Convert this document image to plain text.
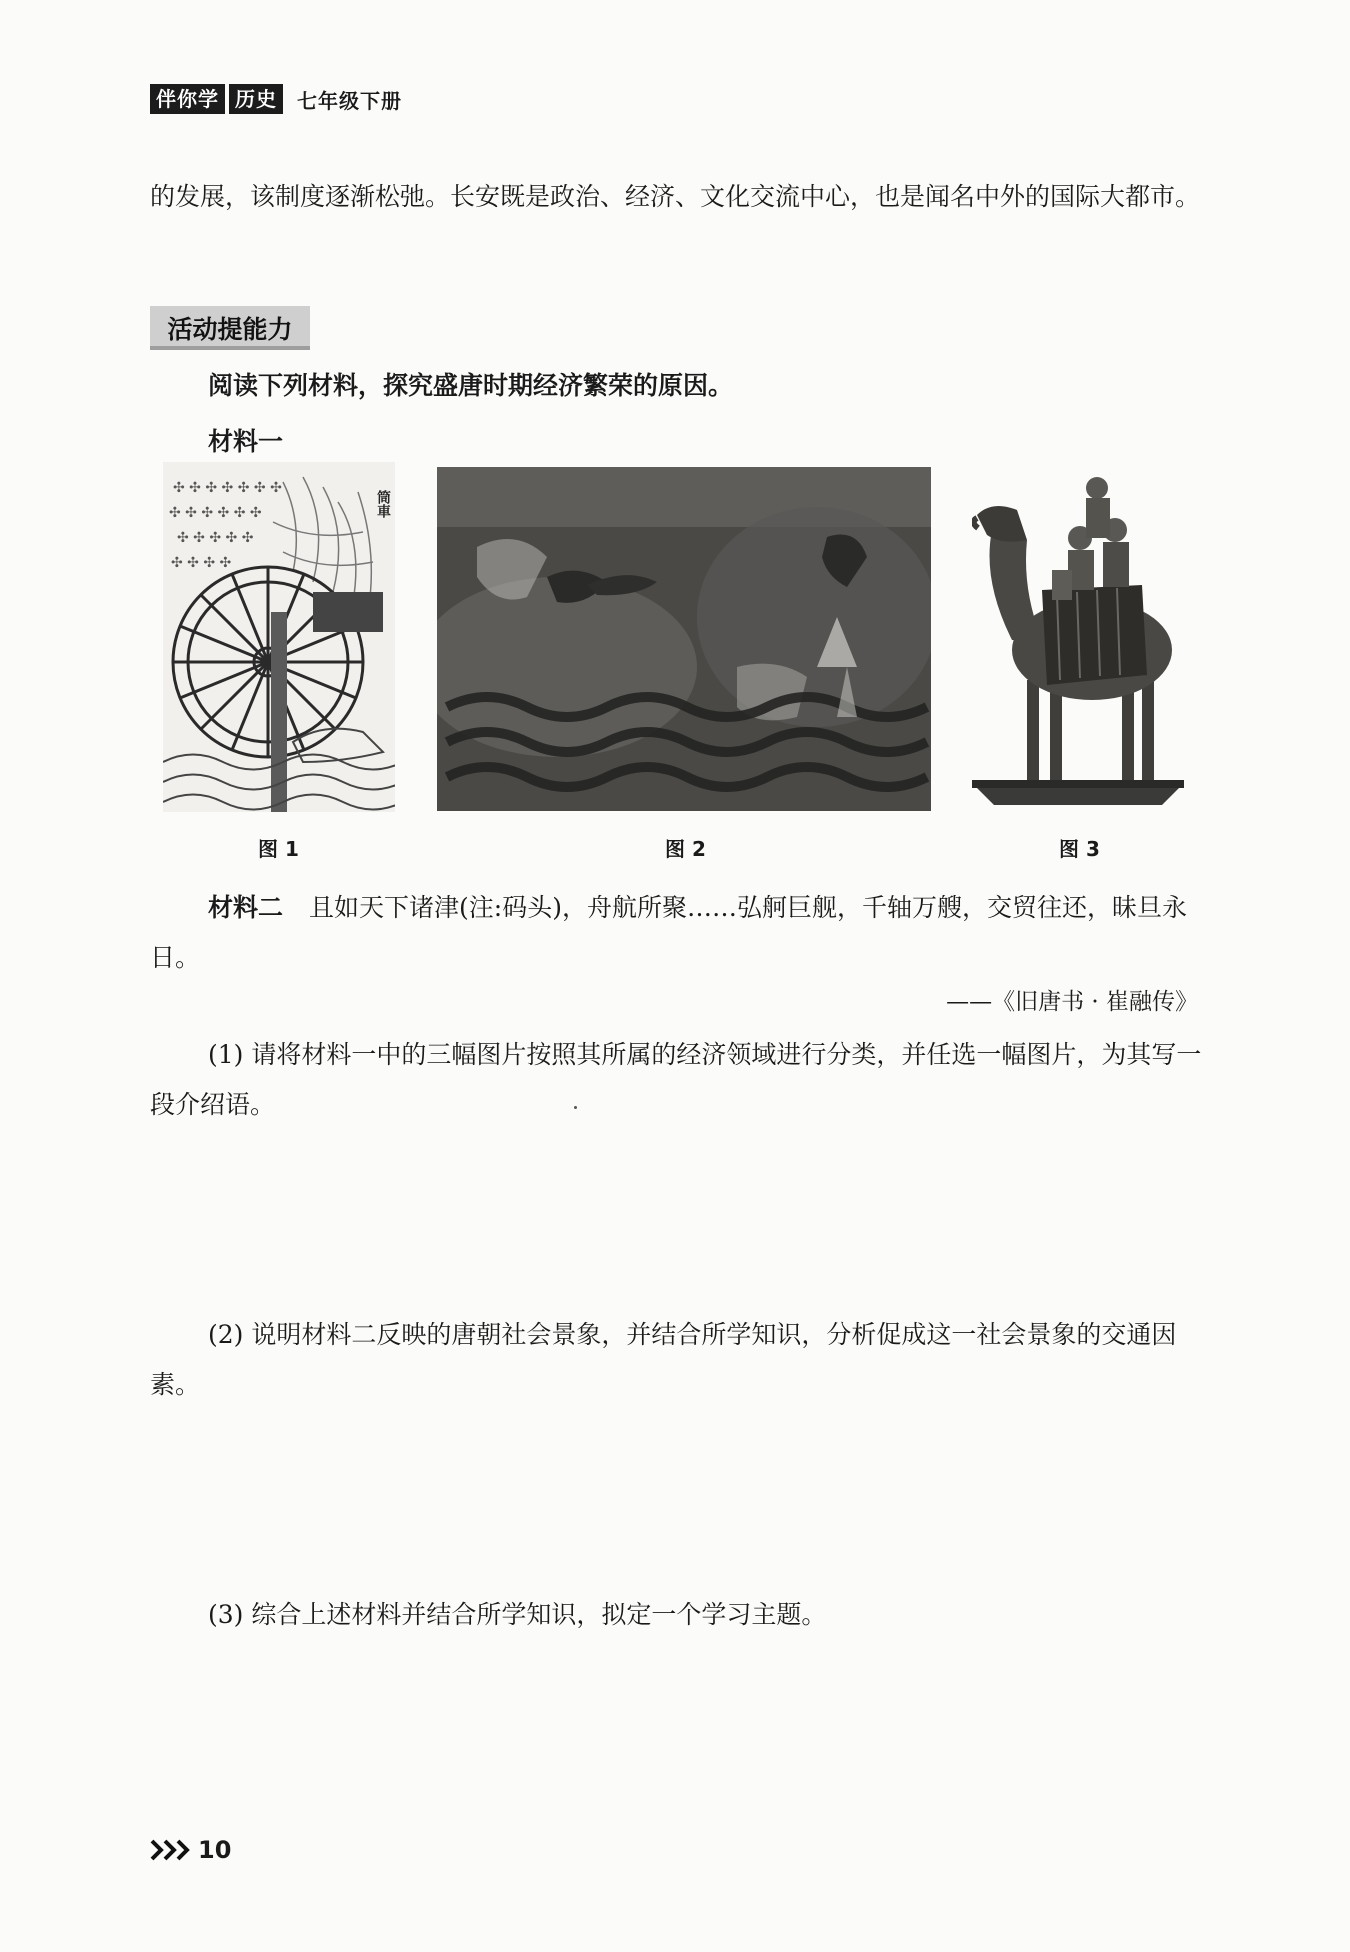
伴你学 历史	七年级下册
的发展，该制度逐渐松弛。长安既是政治、经济、文化交流中心，也是闻名中外的国际大都市。
活动提能力
阅读下列材料，探究盛唐时期经济繁荣的原因。
材料一
✣ ✣ ✣ ✣ ✣ ✣ ✣
✣ ✣ ✣ ✣ ✣ ✣
✣ ✣ ✣ ✣ ✣
✣ ✣ ✣ ✣
筒車
图 1	图 2	图 3
材料二 且如天下诸津(注:码头)，舟航所聚……弘舸巨舰，千轴万艘，交贸往还，昧旦永日。
——《旧唐书 · 崔融传》
(1) 请将材料一中的三幅图片按照其所属的经济领域进行分类，并任选一幅图片，为其写一段介绍语。
(2) 说明材料二反映的唐朝社会景象，并结合所学知识，分析促成这一社会景象的交通因素。
(3) 综合上述材料并结合所学知识，拟定一个学习主题。
10
